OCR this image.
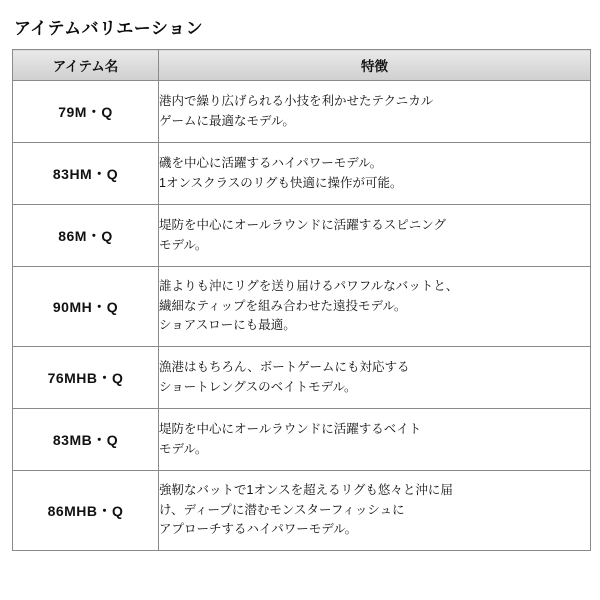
アイテムバリエーション
アイテム名	特徴
79M・Q	港内で繰り広げられる小技を利かせたテクニカル
ゲームに最適なモデル。

83HM・Q	磯を中心に活躍するハイパワーモデル。
1オンスクラスのリグも快適に操作が可能。

86M・Q	堤防を中心にオールラウンドに活躍するスピニング
モデル。

90MH・Q	誰よりも沖にリグを送り届けるパワフルなバットと、
繊細なティップを組み合わせた遠投モデル。
ショアスローにも最適。

76MHB・Q	漁港はもちろん、ボートゲームにも対応する
ショートレングスのベイトモデル。

83MB・Q	堤防を中心にオールラウンドに活躍するベイト
モデル。

86MHB・Q	強靭なバットで1オンスを超えるリグも悠々と沖に届
け、ディープに潜むモンスターフィッシュに
アプローチするハイパワーモデル。
